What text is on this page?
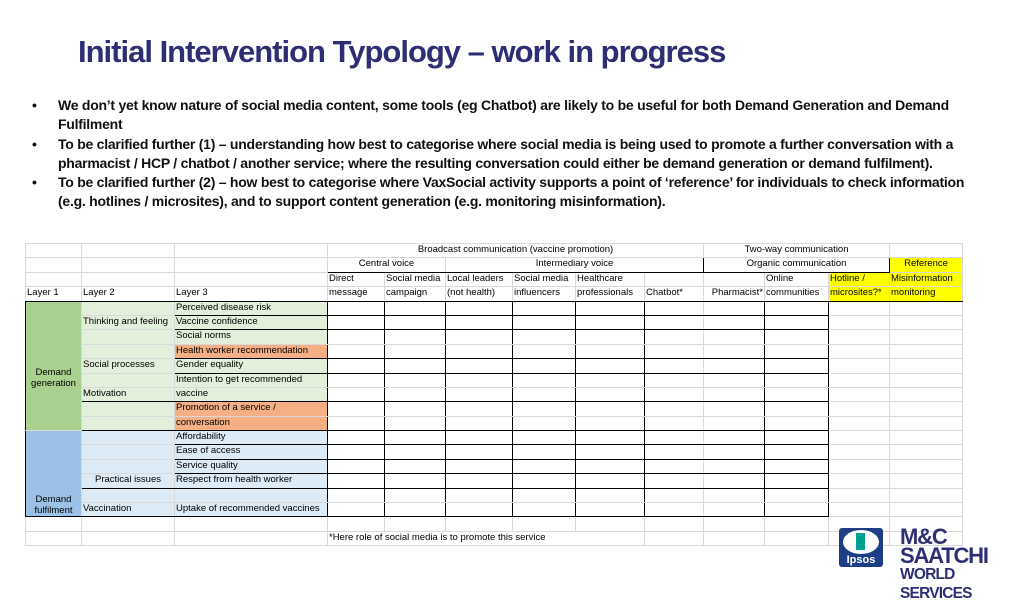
Initial Intervention Typology – work in progress
• We don’t yet know nature of social media content, some tools (eg Chatbot) are likely to be useful for both Demand Generation and Demand Fulfilment
• To be clarified further (1) – understanding how best to categorise where social media is being used to promote a further conversation with a pharmacist / HCP / chatbot / another service; where the resulting conversation could either be demand generation or demand fulfilment).
• To be clarified further (2) – how best to categorise where VaxSocial activity supports a point of ‘reference’ for individuals to check information (e.g. hotlines / microsites), and to support content generation (e.g. monitoring misinformation).
			Broadcast communication (vaccine promotion)						Two-way communication			
			Central voice		Intermediary voice				Organic communication			Reference
			Direct	Social media	Local leaders	Social media	Healthcare			Online	Hotline /	Misinformation
Layer 1	Layer 2	Layer 3	message	campaign	(not health)	influencers	professionals	Chatbot*	Pharmacist*	communities	microsites?*	monitoring

Demand
generation		Perceived disease risk										
	Thinking and feeling	Vaccine confidence										
		Social norms										
		Health worker recommendation										
	Social processes	Gender equality										
		Intention to get recommended										
	Motivation	vaccine										
		Promotion of a service /										
		conversation										

Demand
fulfilment		Affordability										
		Ease of access										
		Service quality										
	Practical issues	Respect from health worker										

	Vaccination	Uptake of recommended vaccines										

			*Here role of social media is to promote this service									
Ipsos
M&C SAATCHI
WORLD SERVICES
